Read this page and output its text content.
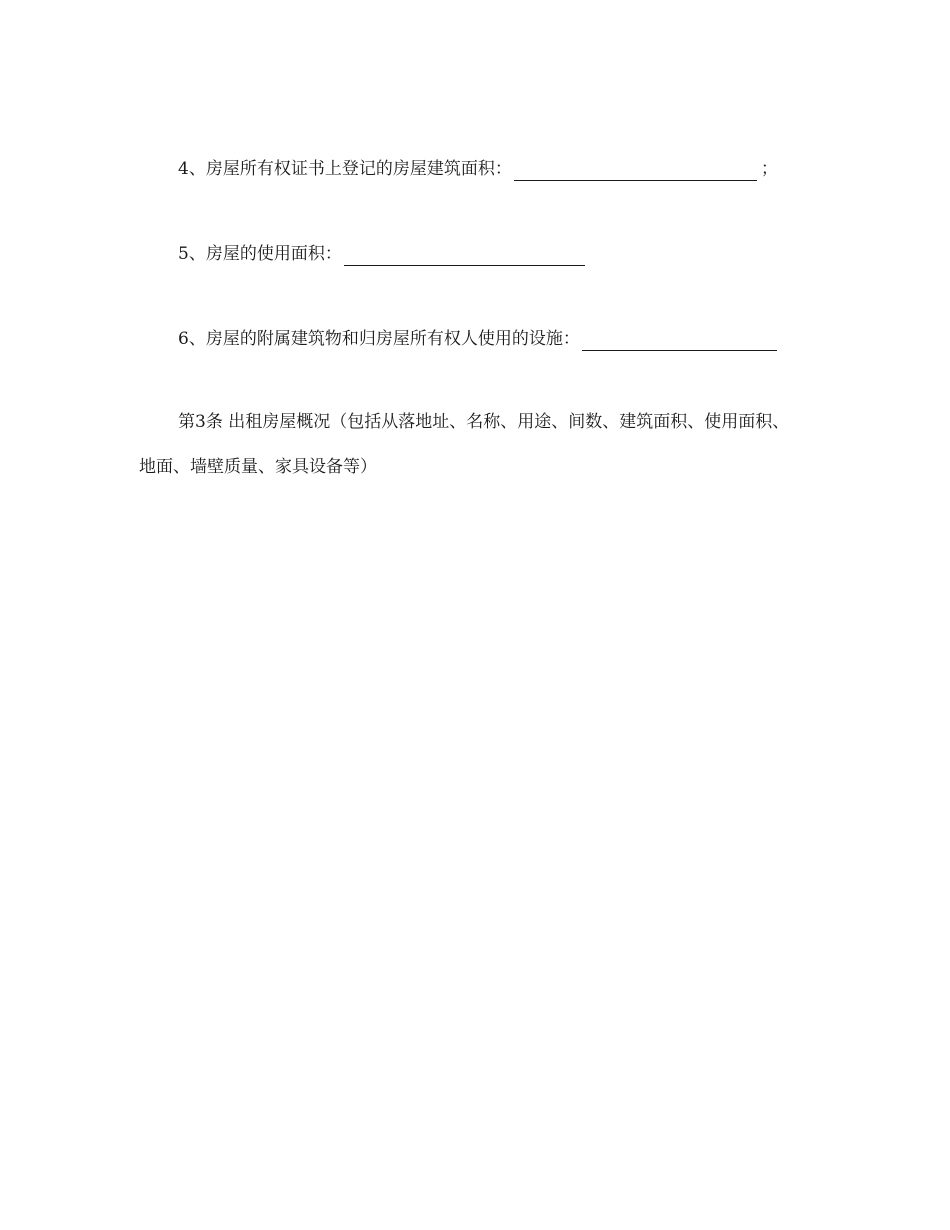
4、房屋所有权证书上登记的房屋建筑面积：	；
5、房屋的使用面积：
6、房屋的附属建筑物和归房屋所有权人使用的设施：
第3条 出租房屋概况（包括从落地址、名称、用途、间数、建筑面积、使用面积、
地面、墙壁质量、家具设备等）
